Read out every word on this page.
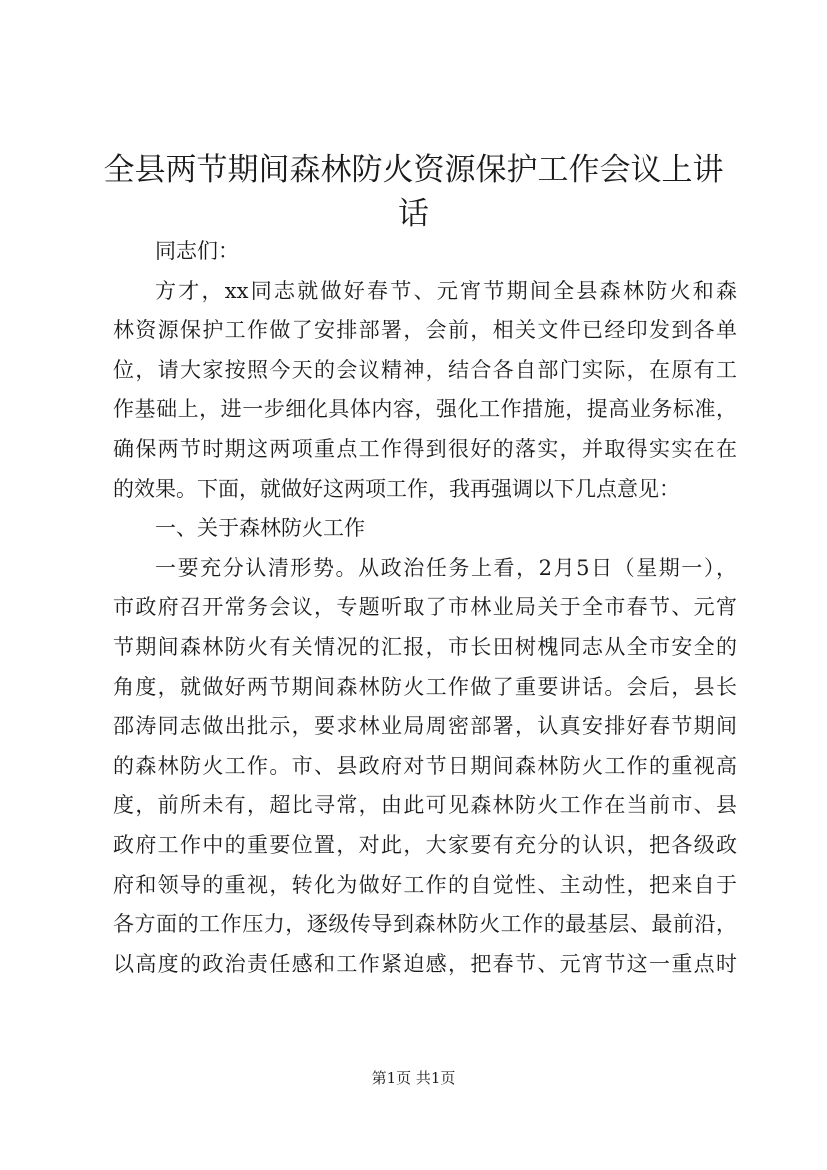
全县两节期间森林防火资源保护工作会议上讲
话
同志们：
方才，xx同志就做好春节、元宵节期间全县森林防火和森
林资源保护工作做了安排部署，会前，相关文件已经印发到各单
位，请大家按照今天的会议精神，结合各自部门实际，在原有工
作基础上，进一步细化具体内容，强化工作措施，提高业务标准，
确保两节时期这两项重点工作得到很好的落实，并取得实实在在
的效果。下面，就做好这两项工作，我再强调以下几点意见：
一、关于森林防火工作
一要充分认清形势。从政治任务上看，2月5日（星期一），
市政府召开常务会议，专题听取了市林业局关于全市春节、元宵
节期间森林防火有关情况的汇报，市长田树槐同志从全市安全的
角度，就做好两节期间森林防火工作做了重要讲话。会后，县长
邵涛同志做出批示，要求林业局周密部署，认真安排好春节期间
的森林防火工作。市、县政府对节日期间森林防火工作的重视高
度，前所未有，超比寻常，由此可见森林防火工作在当前市、县
政府工作中的重要位置，对此，大家要有充分的认识，把各级政
府和领导的重视，转化为做好工作的自觉性、主动性，把来自于
各方面的工作压力，逐级传导到森林防火工作的最基层、最前沿，
以高度的政治责任感和工作紧迫感，把春节、元宵节这一重点时
第1页 共1页
